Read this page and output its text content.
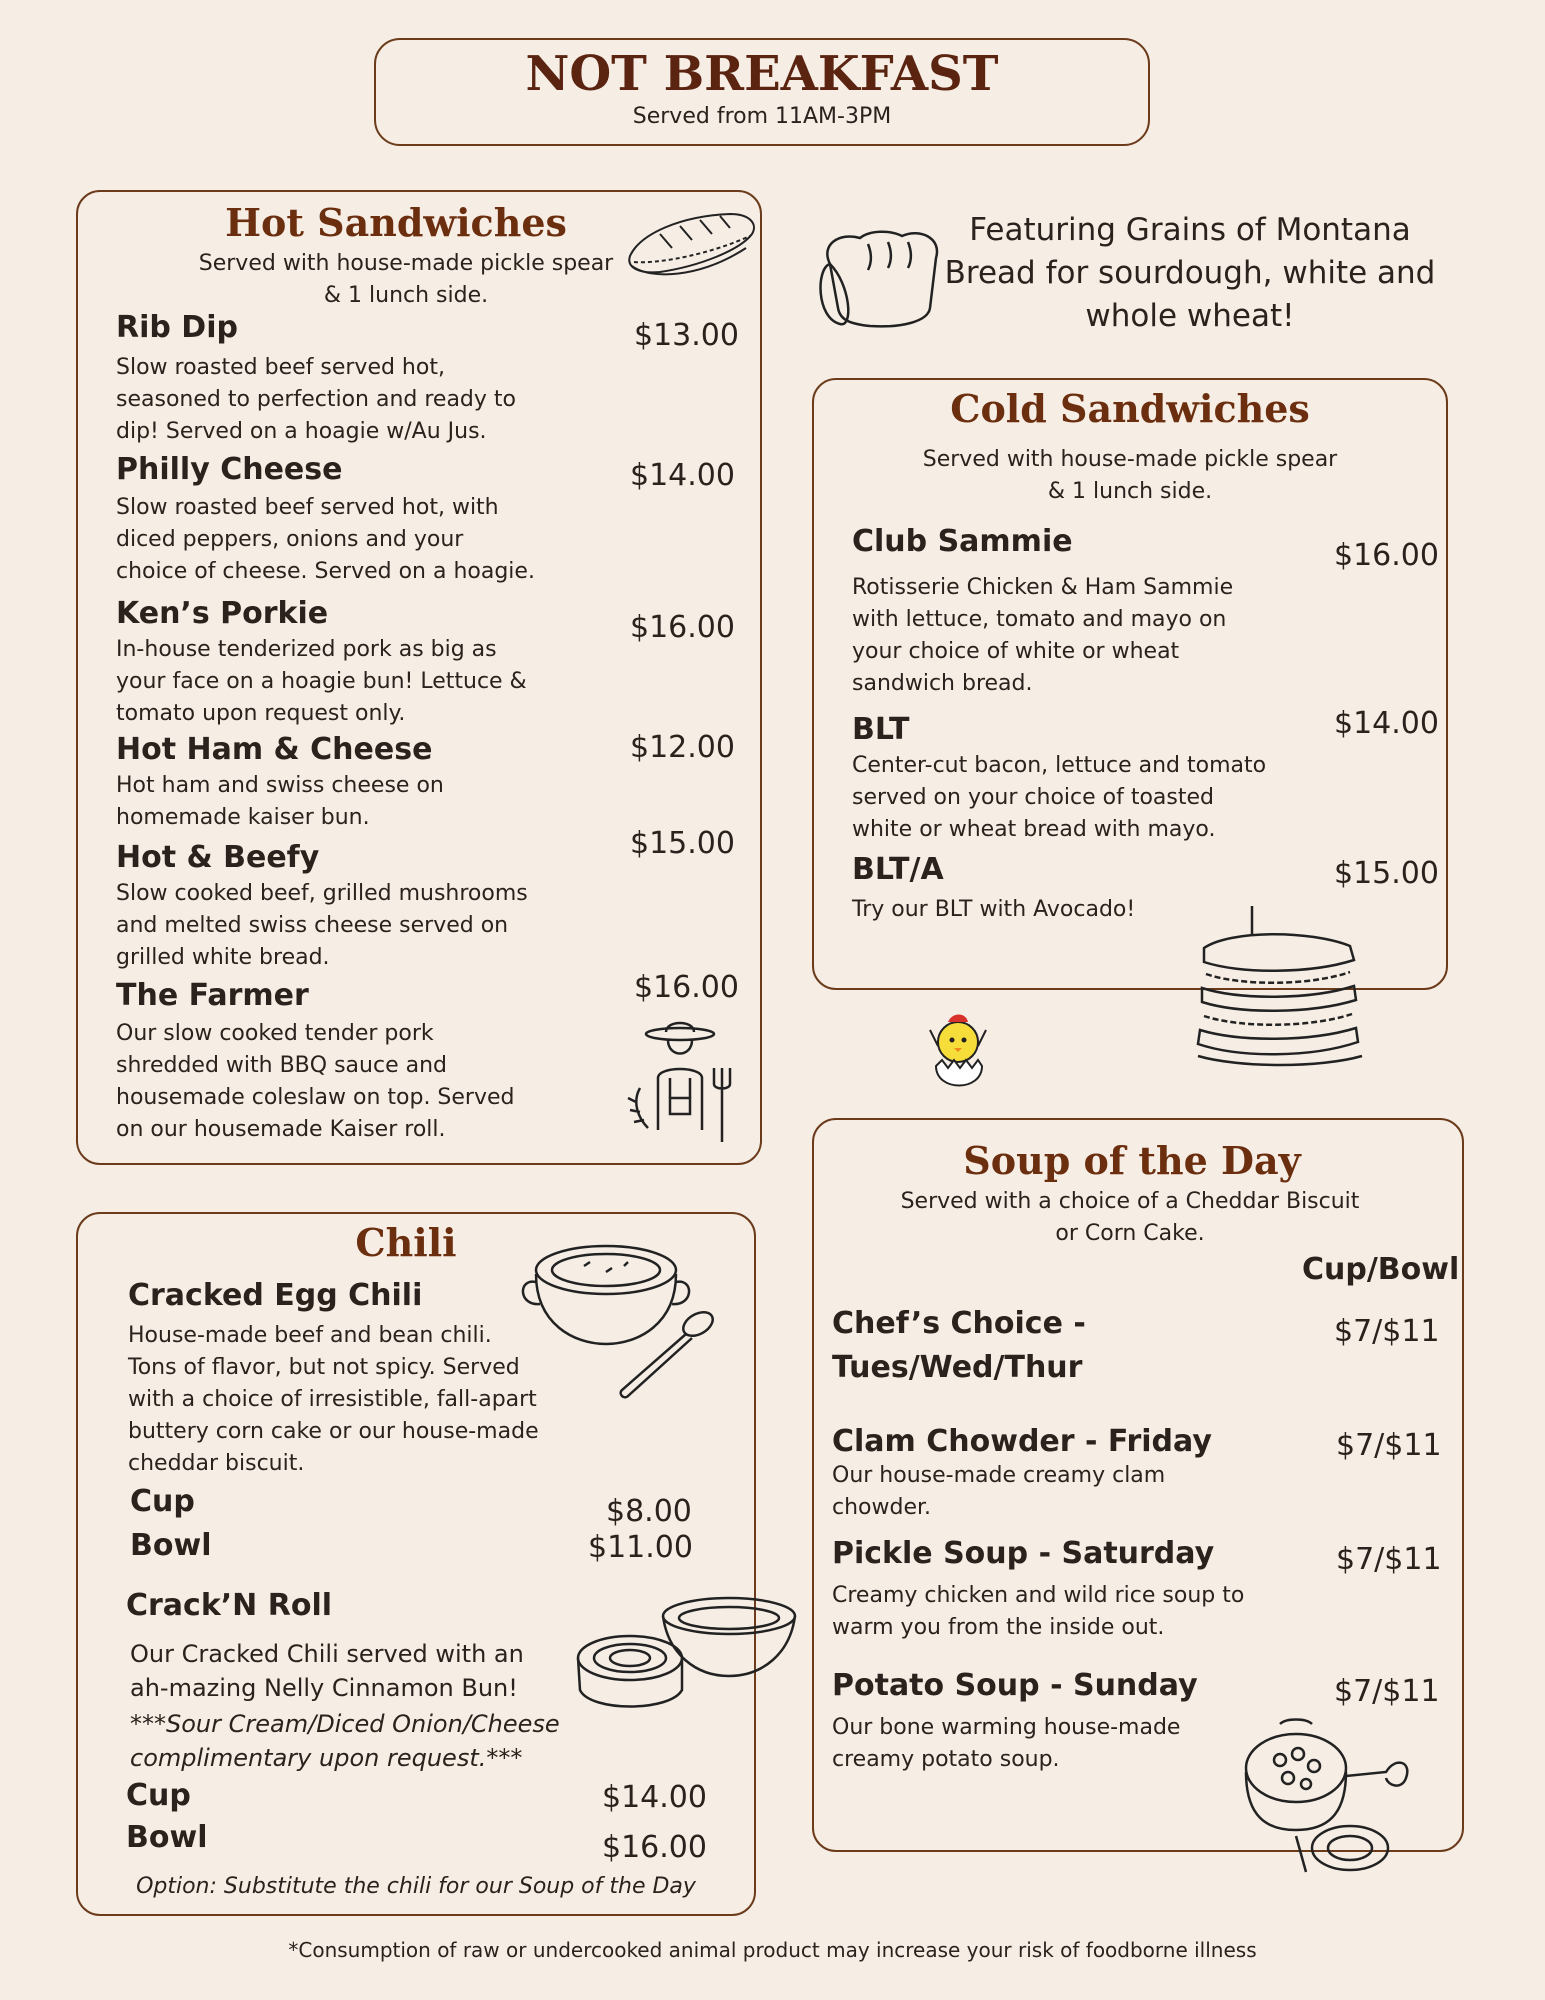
NOT BREAKFAST
Served from 11AM-3PM
Hot Sandwiches
Served with house-made pickle spear
& 1 lunch side.
Rib Dip	$13.00
Slow roasted beef served hot,
seasoned to perfection and ready to
dip! Served on a hoagie w/Au Jus.
Philly Cheese	$14.00
Slow roasted beef served hot, with
diced peppers, onions and your
choice of cheese. Served on a hoagie.
Ken’s Porkie	$16.00
In-house tenderized pork as big as
your face on a hoagie bun! Lettuce &
tomato upon request only.
Hot Ham & Cheese	$12.00
Hot ham and swiss cheese on
homemade kaiser bun.
Hot & Beefy	$15.00
Slow cooked beef, grilled mushrooms
and melted swiss cheese served on
grilled white bread.
The Farmer	$16.00
Our slow cooked tender pork
shredded with BBQ sauce and
housemade coleslaw on top. Served
on our housemade Kaiser roll.
Featuring Grains of Montana
Bread for sourdough, white and
whole wheat!
Cold Sandwiches
Served with house-made pickle spear
& 1 lunch side.
Club Sammie	$16.00
Rotisserie Chicken & Ham Sammie
with lettuce, tomato and mayo on
your choice of white or wheat
sandwich bread.
BLT	$14.00
Center-cut bacon, lettuce and tomato
served on your choice of toasted
white or wheat bread with mayo.
BLT/A	$15.00
Try our BLT with Avocado!
Chili
Cracked Egg Chili
House-made beef and bean chili.
Tons of flavor, but not spicy. Served
with a choice of irresistible, fall-apart
buttery corn cake or our house-made
cheddar biscuit.
Cup	$8.00
Bowl	$11.00
Crack’N Roll
Our Cracked Chili served with an
ah-mazing Nelly Cinnamon Bun!
***Sour Cream/Diced Onion/Cheese
complimentary upon request.***
Cup	$14.00
Bowl	$16.00
Option: Substitute the chili for our Soup of the Day
Soup of the Day
Served with a choice of a Cheddar Biscuit
or Corn Cake.
Cup/Bowl
Chef’s Choice -
Tues/Wed/Thur
$7/$11
Clam Chowder - Friday	$7/$11
Our house-made creamy clam
chowder.
Pickle Soup - Saturday	$7/$11
Creamy chicken and wild rice soup to
warm you from the inside out.
Potato Soup - Sunday	$7/$11
Our bone warming house-made
creamy potato soup.
*Consumption of raw or undercooked animal product may increase your risk of foodborne illness
